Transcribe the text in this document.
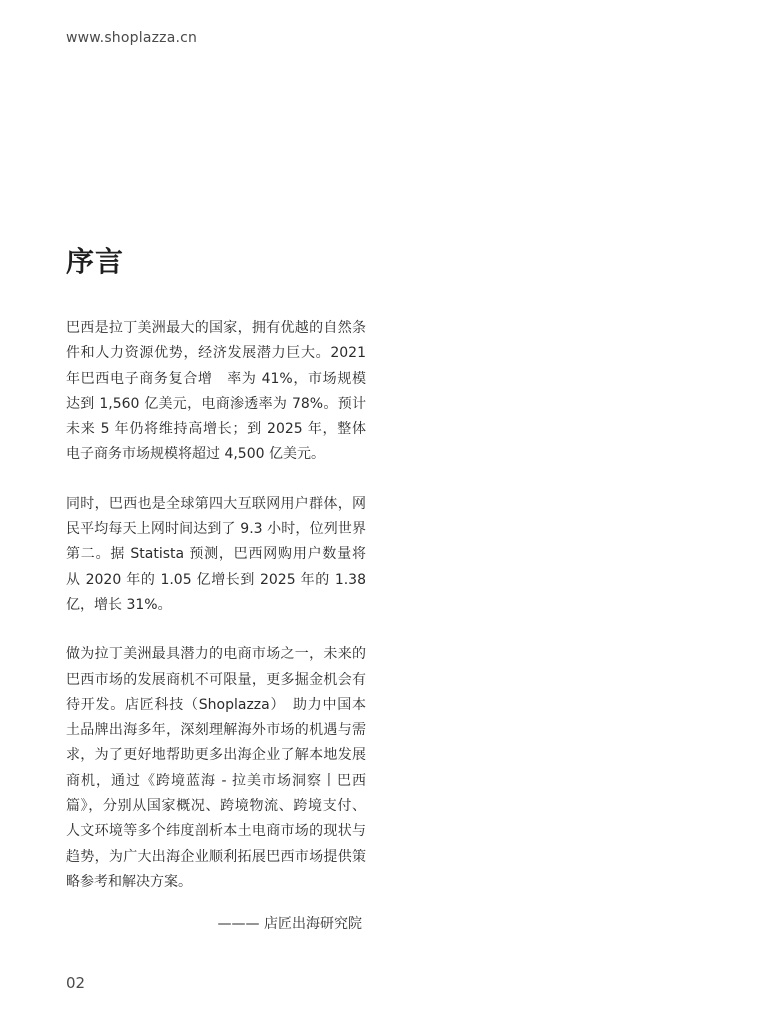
www.shoplazza.cn
序言

巴西是拉丁美洲最大的国家，拥有优越的自然条件和人力资源优势，经济发展潜力巨大。2021 年巴西电子商务复合增　率为 41%，市场规模达到 1,560 亿美元，电商渗透率为 78%。预计未来 5 年仍将维持高增长；到 2025 年，整体电子商务市场规模将超过 4,500 亿美元。

同时，巴西也是全球第四大互联网用户群体，网民平均每天上网时间达到了 9.3 小时，位列世界第二。据 Statista 预测，巴西网购用户数量将从 2020 年的 1.05 亿增长到 2025 年的 1.38 亿，增长 31%。

做为拉丁美洲最具潜力的电商市场之一，未来的巴西市场的发展商机不可限量，更多掘金机会有待开发。店匠科技（Shoplazza）　助力中国本土品牌出海多年，深刻理解海外市场的机遇与需求，为了更好地帮助更多出海企业了解本地发展商机，通过《跨境蓝海 - 拉美市场洞察丨巴西篇》，分别从国家概况、跨境物流、跨境支付、人文环境等多个纬度剖析本土电商市场的现状与趋势，为广大出海企业顺利拓展巴西市场提供策略参考和解决方案。

——— 店匠出海研究院
02
